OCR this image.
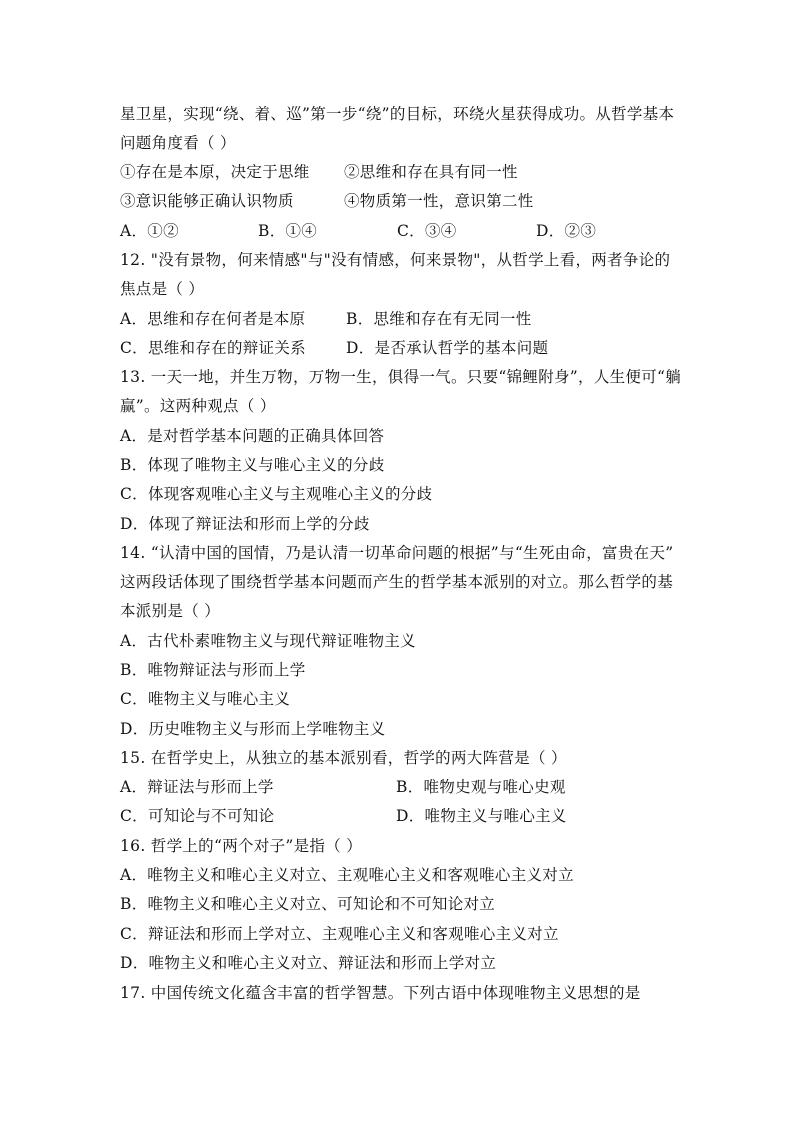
星卫星，实现“绕、着、巡”第一步“绕”的目标，环绕火星获得成功。从哲学基本
问题角度看（ ）
①存在是本原，决定于思维 ②思维和存在具有同一性
③意识能够正确认识物质	④物质第一性，意识第二性
A．①②	B．①④	C．③④	D．②③
12. "没有景物，何来情感"与"没有情感，何来景物"，从哲学上看，两者争论的
焦点是（ ）
A．思维和存在何者是本原	B．思维和存在有无同一性
C．思维和存在的辩证关系	D．是否承认哲学的基本问题
13. 一天一地，并生万物，万物一生，俱得一气。只要“锦鲤附身”，人生便可“躺
赢”。这两种观点（ ）
A．是对哲学基本问题的正确具体回答
B．体现了唯物主义与唯心主义的分歧
C．体现客观唯心主义与主观唯心主义的分歧
D．体现了辩证法和形而上学的分歧
14. “认清中国的国情，乃是认清一切革命问题的根据”与“生死由命，富贵在天”
这两段话体现了围绕哲学基本问题而产生的哲学基本派别的对立。那么哲学的基
本派别是（ ）
A．古代朴素唯物主义与现代辩证唯物主义
B．唯物辩证法与形而上学
C．唯物主义与唯心主义
D．历史唯物主义与形而上学唯物主义
15. 在哲学史上，从独立的基本派别看，哲学的两大阵营是（ ）
A．辩证法与形而上学	B．唯物史观与唯心史观
C．可知论与不可知论	D．唯物主义与唯心主义
16. 哲学上的“两个对子”是指（ ）
A．唯物主义和唯心主义对立、主观唯心主义和客观唯心主义对立
B．唯物主义和唯心主义对立、可知论和不可知论对立
C．辩证法和形而上学对立、主观唯心主义和客观唯心主义对立
D．唯物主义和唯心主义对立、辩证法和形而上学对立
17. 中国传统文化蕴含丰富的哲学智慧。下列古语中体现唯物主义思想的是
